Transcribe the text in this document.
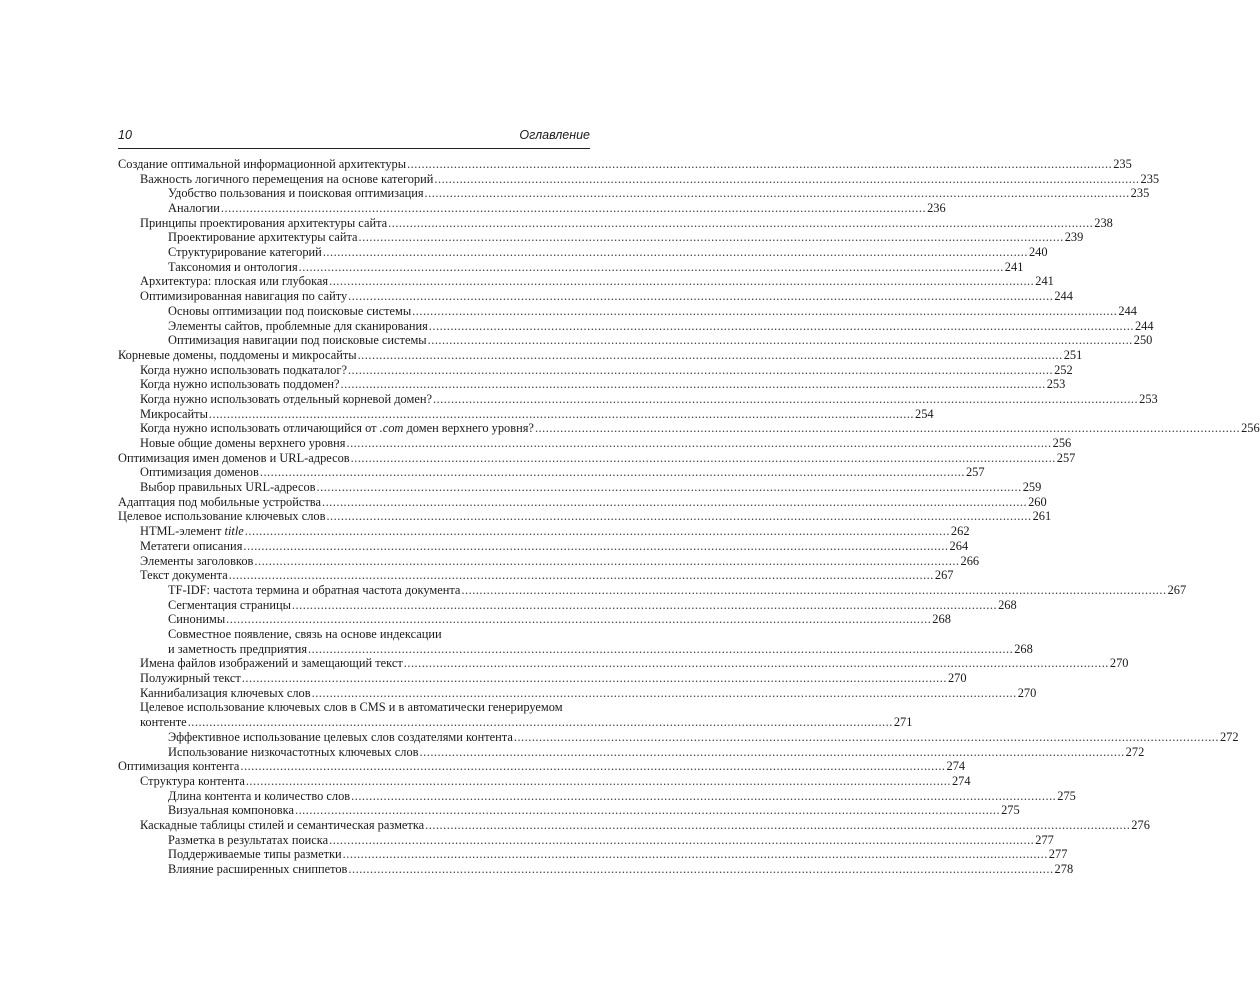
10	Оглавление
Создание оптимальной информационной архитектуры .....	235
Важность логичного перемещения на основе категорий .....	235
Удобство пользования и поисковая оптимизация .....	235
Аналогии .....	236
Принципы проектирования архитектуры сайта .....	238
Проектирование архитектуры сайта .....	239
Структурирование категорий .....	240
Таксономия и онтология .....	241
Архитектура: плоская или глубокая .....	241
Оптимизированная навигация по сайту .....	244
Основы оптимизации под поисковые системы .....	244
Элементы сайтов, проблемные для сканирования .....	244
Оптимизация навигации под поисковые системы .....	250
Корневые домены, поддомены и микросайты .....	251
Когда нужно использовать подкаталог? .....	252
Когда нужно использовать поддомен? .....	253
Когда нужно использовать отдельный корневой домен? .....	253
Микросайты .....	254
Когда нужно использовать отличающийся от .com домен верхнего уровня? .....	256
Новые общие домены верхнего уровня .....	256
Оптимизация имен доменов и URL-адресов .....	257
Оптимизация доменов .....	257
Выбор правильных URL-адресов .....	259
Адаптация под мобильные устройства .....	260
Целевое использование ключевых слов .....	261
HTML-элемент title .....	262
Метатеги описания .....	264
Элементы заголовков .....	266
Текст документа .....	267
TF-IDF: частота термина и обратная частота документа .....	267
Сегментация страницы .....	268
Синонимы .....	268
Совместное появление, связь на основе индексации
и заметность предприятия .....	268
Имена файлов изображений и замещающий текст .....	270
Полужирный текст .....	270
Каннибализация ключевых слов .....	270
Целевое использование ключевых слов в CMS и в автоматически генерируемом
контенте .....	271
Эффективное использование целевых слов создателями контента .....	272
Использование низкочастотных ключевых слов .....	272
Оптимизация контента .....	274
Структура контента .....	274
Длина контента и количество слов .....	275
Визуальная компоновка .....	275
Каскадные таблицы стилей и семантическая разметка .....	276
Разметка в результатах поиска .....	277
Поддерживаемые типы разметки .....	277
Влияние расширенных сниппетов .....	278
